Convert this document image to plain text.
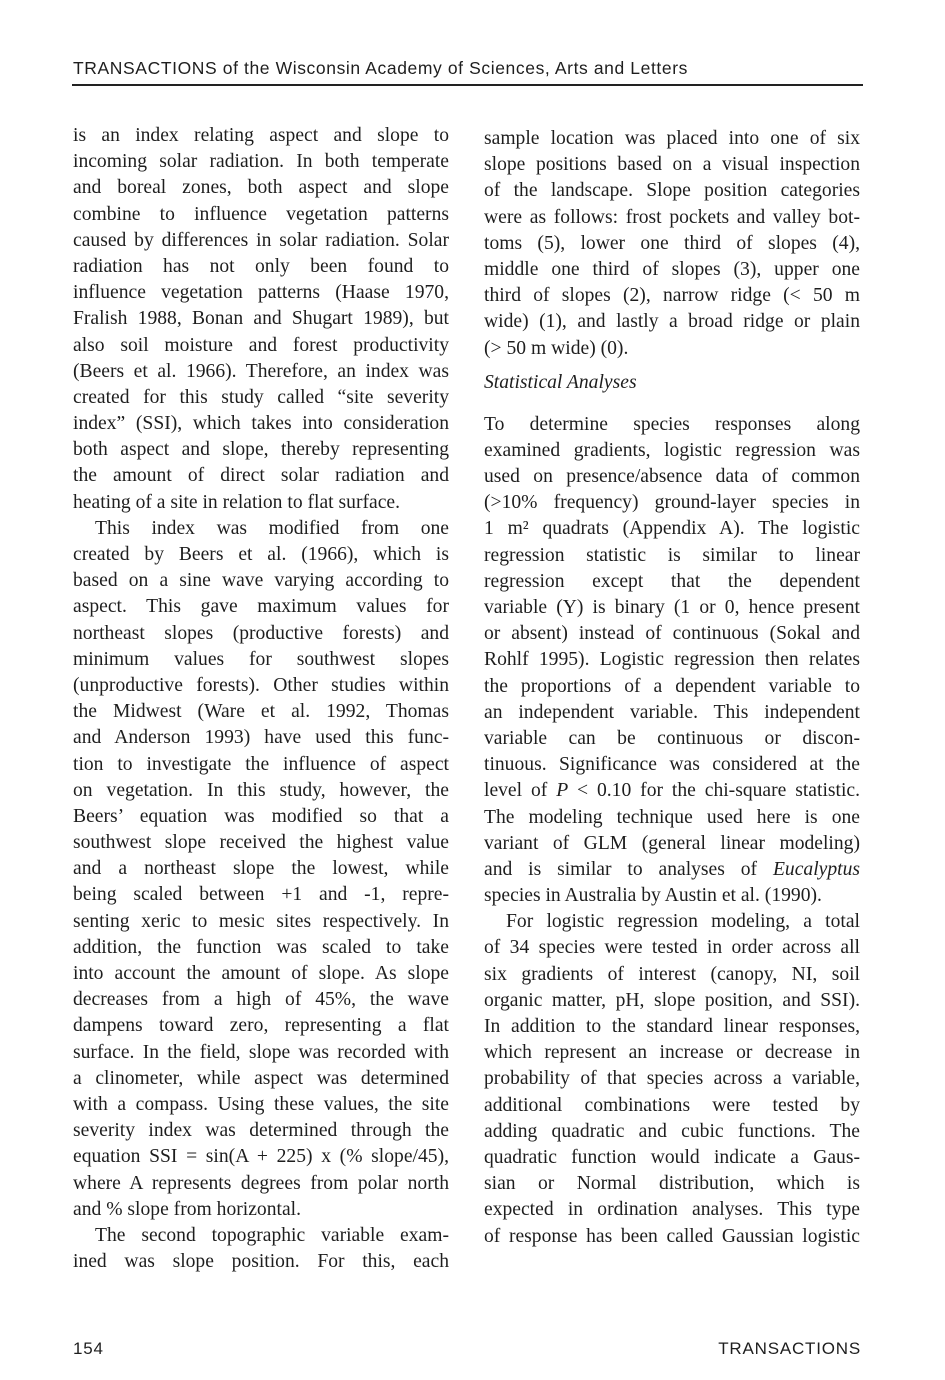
TRANSACTIONS of the Wisconsin Academy of Sciences, Arts and Letters
is an index relating aspect and slope to
incoming solar radiation. In both temperate
and boreal zones, both aspect and slope
combine to influence vegetation patterns
caused by differences in solar radiation. Solar
radiation has not only been found to
influence vegetation patterns (Haase 1970,
Fralish 1988, Bonan and Shugart 1989), but
also soil moisture and forest productivity
(Beers et al. 1966). Therefore, an index was
created for this study called “site severity
index” (SSI), which takes into consideration
both aspect and slope, thereby representing
the amount of direct solar radiation and
heating of a site in relation to flat surface.
This index was modified from one
created by Beers et al. (1966), which is
based on a sine wave varying according to
aspect. This gave maximum values for
northeast slopes (productive forests) and
minimum values for southwest slopes
(unproductive forests). Other studies within
the Midwest (Ware et al. 1992, Thomas
and Anderson 1993) have used this func-
tion to investigate the influence of aspect
on vegetation. In this study, however, the
Beers’ equation was modified so that a
southwest slope received the highest value
and a northeast slope the lowest, while
being scaled between +1 and -1, repre-
senting xeric to mesic sites respectively. In
addition, the function was scaled to take
into account the amount of slope. As slope
decreases from a high of 45%, the wave
dampens toward zero, representing a flat
surface. In the field, slope was recorded with
a clinometer, while aspect was determined
with a compass. Using these values, the site
severity index was determined through the
equation SSI = sin(A + 225) x (% slope/45),
where A represents degrees from polar north
and % slope from horizontal.
The second topographic variable exam-
ined was slope position. For this, each
sample location was placed into one of six
slope positions based on a visual inspection
of the landscape. Slope position categories
were as follows: frost pockets and valley bot-
toms (5), lower one third of slopes (4),
middle one third of slopes (3), upper one
third of slopes (2), narrow ridge (< 50 m
wide) (1), and lastly a broad ridge or plain
(> 50 m wide) (0).
Statistical Analyses
To determine species responses along
examined gradients, logistic regression was
used on presence/absence data of common
(>10% frequency) ground-layer species in
1 m² quadrats (Appendix A). The logistic
regression statistic is similar to linear
regression except that the dependent
variable (Y) is binary (1 or 0, hence present
or absent) instead of continuous (Sokal and
Rohlf 1995). Logistic regression then relates
the proportions of a dependent variable to
an independent variable. This independent
variable can be continuous or discon-
tinuous. Significance was considered at the
level of P < 0.10 for the chi-square statistic.
The modeling technique used here is one
variant of GLM (general linear modeling)
and is similar to analyses of Eucalyptus
species in Australia by Austin et al. (1990).
For logistic regression modeling, a total
of 34 species were tested in order across all
six gradients of interest (canopy, NI, soil
organic matter, pH, slope position, and SSI).
In addition to the standard linear responses,
which represent an increase or decrease in
probability of that species across a variable,
additional combinations were tested by
adding quadratic and cubic functions. The
quadratic function would indicate a Gaus-
sian or Normal distribution, which is
expected in ordination analyses. This type
of response has been called Gaussian logistic
154	TRANSACTIONS
